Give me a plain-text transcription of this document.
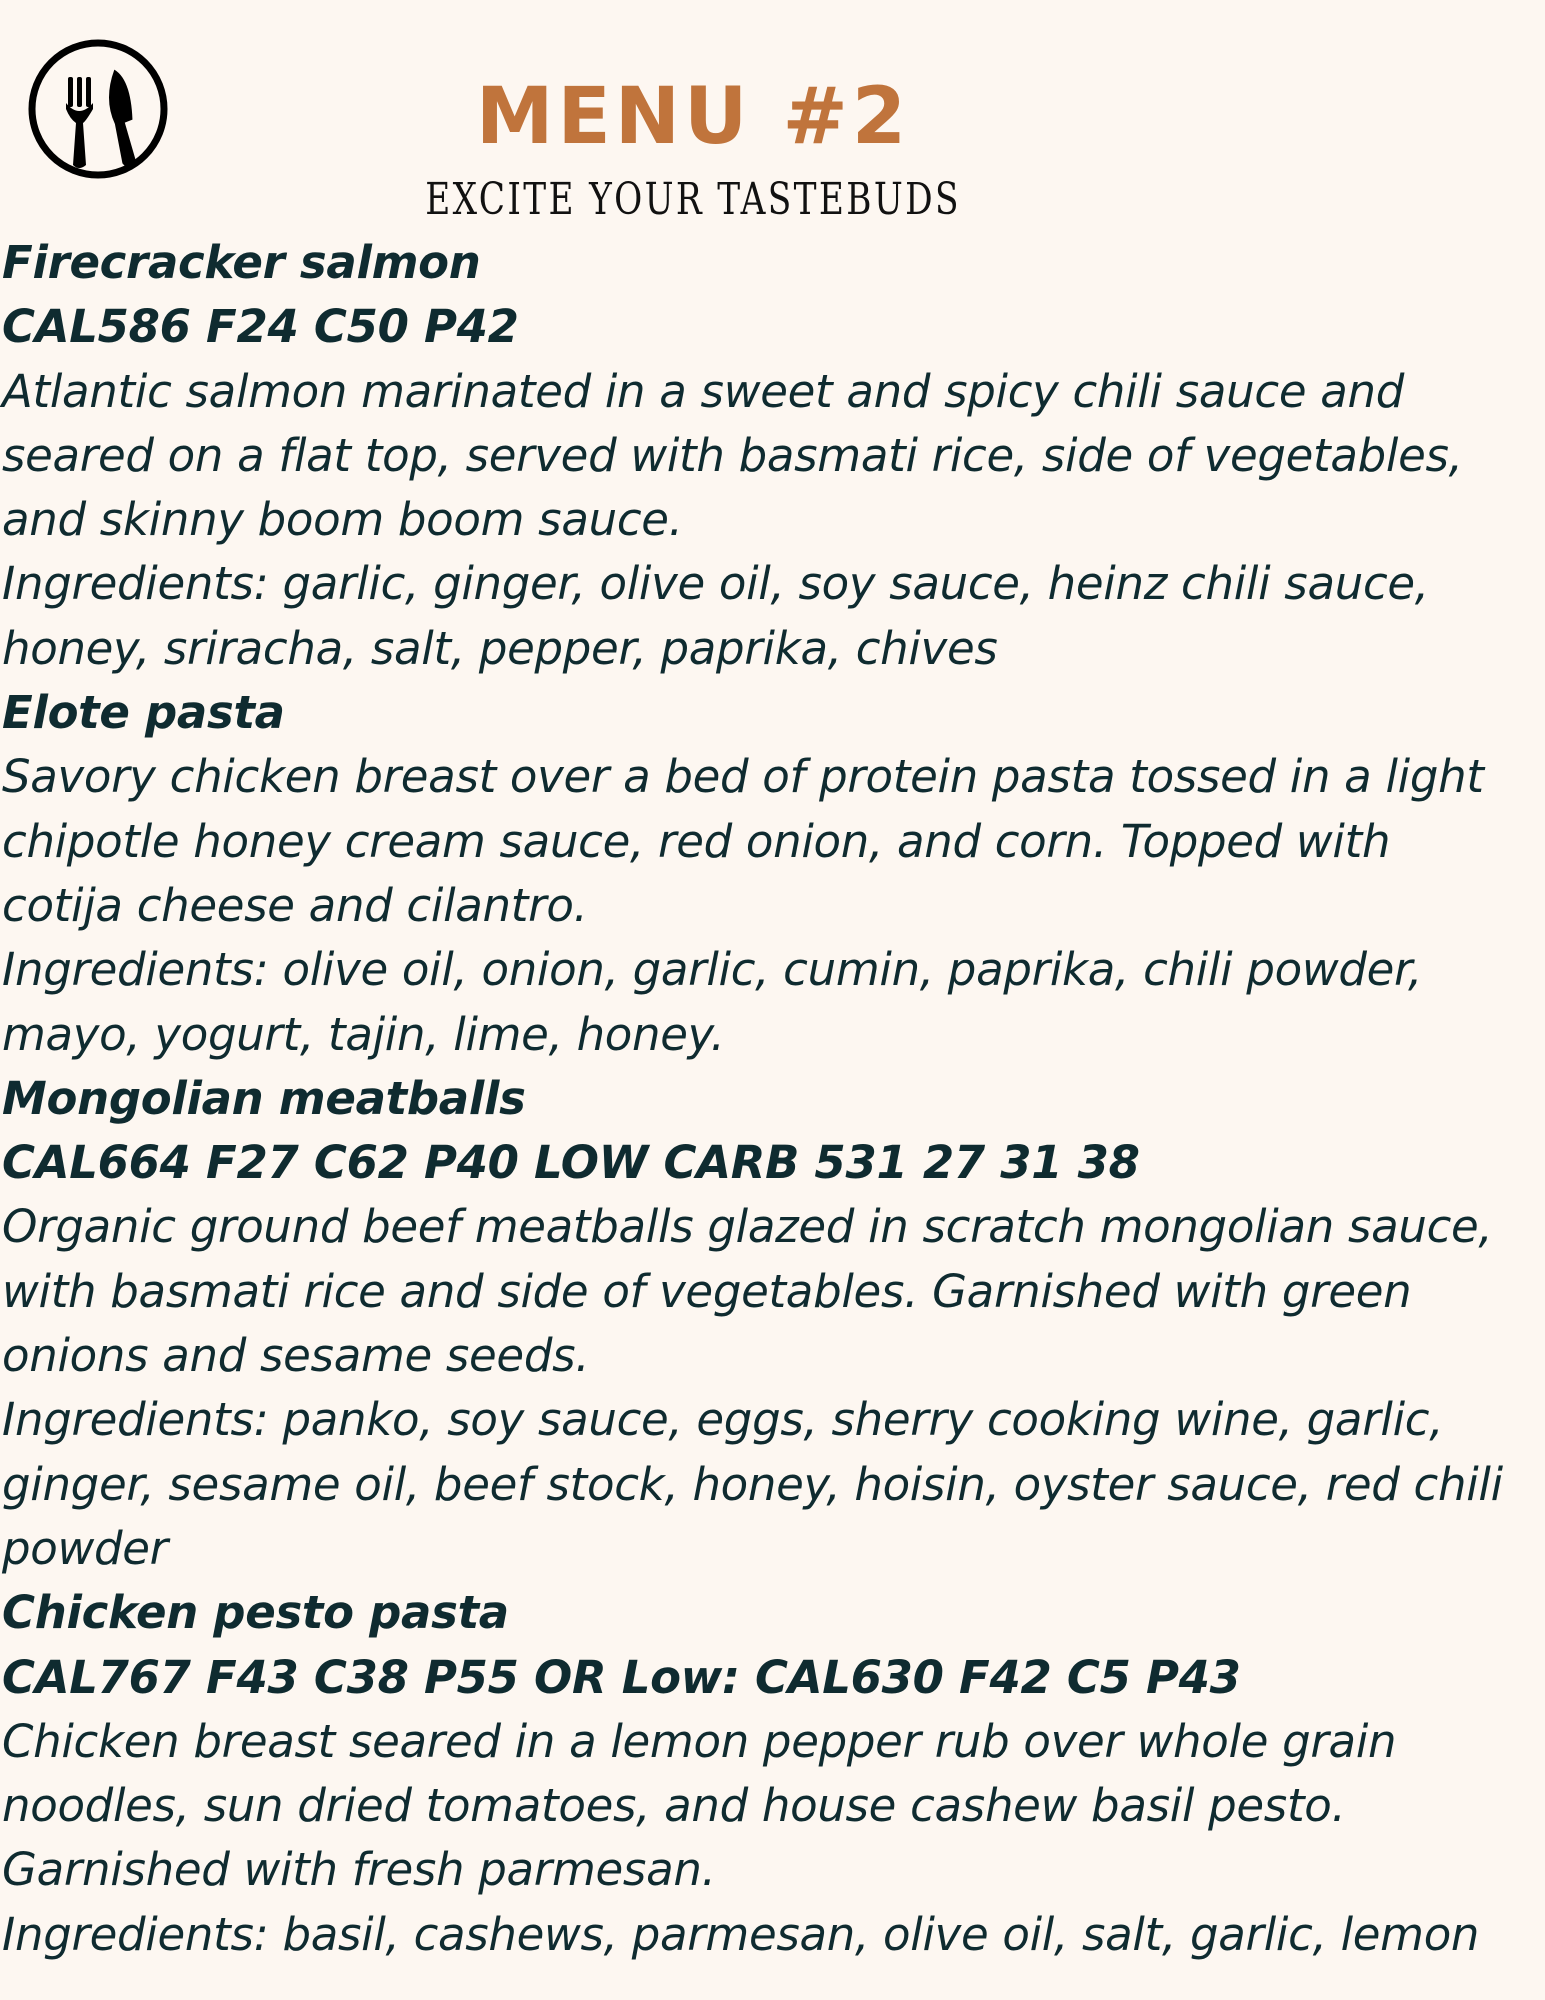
MENU #2
EXCITE YOUR TASTEBUDS
Firecracker salmon
CAL586 F24 C50 P42
Atlantic salmon marinated in a sweet and spicy chili sauce and
seared on a flat top, served with basmati rice, side of vegetables,
and skinny boom boom sauce.
Ingredients: garlic, ginger, olive oil, soy sauce, heinz chili sauce,
honey, sriracha, salt, pepper, paprika, chives
Elote pasta
Savory chicken breast over a bed of protein pasta tossed in a light
chipotle honey cream sauce, red onion, and corn. Topped with
cotija cheese and cilantro.
Ingredients: olive oil, onion, garlic, cumin, paprika, chili powder,
mayo, yogurt, tajin, lime, honey.
Mongolian meatballs
CAL664 F27 C62 P40 LOW CARB 531 27 31 38
Organic ground beef meatballs glazed in scratch mongolian sauce,
with basmati rice and side of vegetables. Garnished with green
onions and sesame seeds.
Ingredients: panko, soy sauce, eggs, sherry cooking wine, garlic,
ginger, sesame oil, beef stock, honey, hoisin, oyster sauce, red chili
powder
Chicken pesto pasta
CAL767 F43 C38 P55 OR Low: CAL630 F42 C5 P43
Chicken breast seared in a lemon pepper rub over whole grain
noodles, sun dried tomatoes, and house cashew basil pesto.
Garnished with fresh parmesan.
Ingredients: basil, cashews, parmesan, olive oil, salt, garlic, lemon
